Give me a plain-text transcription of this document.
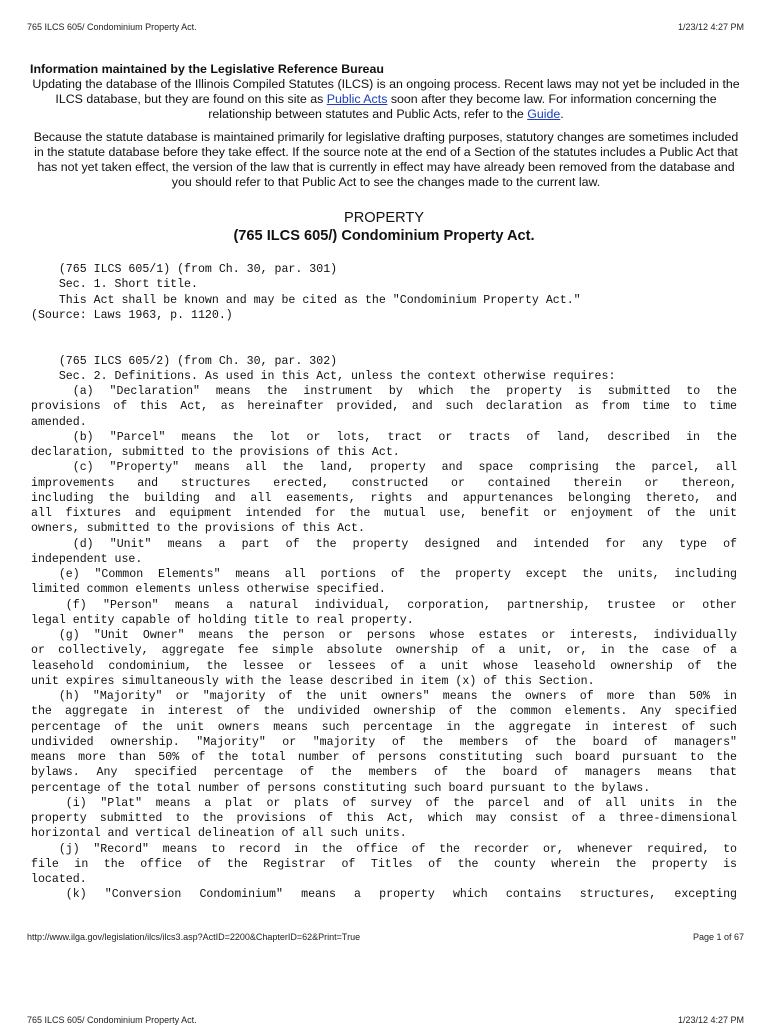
765 ILCS 605/ Condominium Property Act.	1/23/12 4:27 PM
Information maintained by the Legislative Reference Bureau

Updating the database of the Illinois Compiled Statutes (ILCS) is an ongoing process. Recent laws may not yet be included in the ILCS database, but they are found on this site as Public Acts soon after they become law. For information concerning the relationship between statutes and Public Acts, refer to the Guide.

Because the statute database is maintained primarily for legislative drafting purposes, statutory changes are sometimes included in the statute database before they take effect. If the source note at the end of a Section of the statutes includes a Public Act that has not yet taken effect, the version of the law that is currently in effect may have already been removed from the database and you should refer to that Public Act to see the changes made to the current law.

PROPERTY
(765 ILCS 605/) Condominium Property Act.
(765 ILCS 605/1) (from Ch. 30, par. 301)
Sec. 1. Short title.
This Act shall be known and may be cited as the "Condominium Property Act."
(Source: Laws 1963, p. 1120.)
(765 ILCS 605/2) (from Ch. 30, par. 302)
Sec. 2. Definitions. As used in this Act, unless the context otherwise requires:
(a) "Declaration" means the instrument by which the property is submitted to the
provisions of this Act, as hereinafter provided, and such declaration as from time to time
amended.
(b) "Parcel" means the lot or lots, tract or tracts of land, described in the
declaration, submitted to the provisions of this Act.
(c) "Property" means all the land, property and space comprising the parcel, all
improvements and structures erected, constructed or contained therein or thereon,
including the building and all easements, rights and appurtenances belonging thereto, and
all fixtures and equipment intended for the mutual use, benefit or enjoyment of the unit
owners, submitted to the provisions of this Act.
(d) "Unit" means a part of the property designed and intended for any type of
independent use.
(e) "Common Elements" means all portions of the property except the units, including
limited common elements unless otherwise specified.
(f) "Person" means a natural individual, corporation, partnership, trustee or other
legal entity capable of holding title to real property.
(g) "Unit Owner" means the person or persons whose estates or interests, individually
or collectively, aggregate fee simple absolute ownership of a unit, or, in the case of a
leasehold condominium, the lessee or lessees of a unit whose leasehold ownership of the
unit expires simultaneously with the lease described in item (x) of this Section.
(h) "Majority" or "majority of the unit owners" means the owners of more than 50% in
the aggregate in interest of the undivided ownership of the common elements. Any specified
percentage of the unit owners means such percentage in the aggregate in interest of such
undivided ownership. "Majority" or "majority of the members of the board of managers"
means more than 50% of the total number of persons constituting such board pursuant to the
bylaws. Any specified percentage of the members of the board of managers means that
percentage of the total number of persons constituting such board pursuant to the bylaws.
(i) "Plat" means a plat or plats of survey of the parcel and of all units in the
property submitted to the provisions of this Act, which may consist of a three-dimensional
horizontal and vertical delineation of all such units.
(j) "Record" means to record in the office of the recorder or, whenever required, to
file in the office of the Registrar of Titles of the county wherein the property is
located.
(k) "Conversion Condominium" means a property which contains structures, excepting
http://www.ilga.gov/legislation/ilcs/ilcs3.asp?ActID=2200&ChapterID=62&Print=True	Page 1 of 67
765 ILCS 605/ Condominium Property Act.	1/23/12 4:27 PM
